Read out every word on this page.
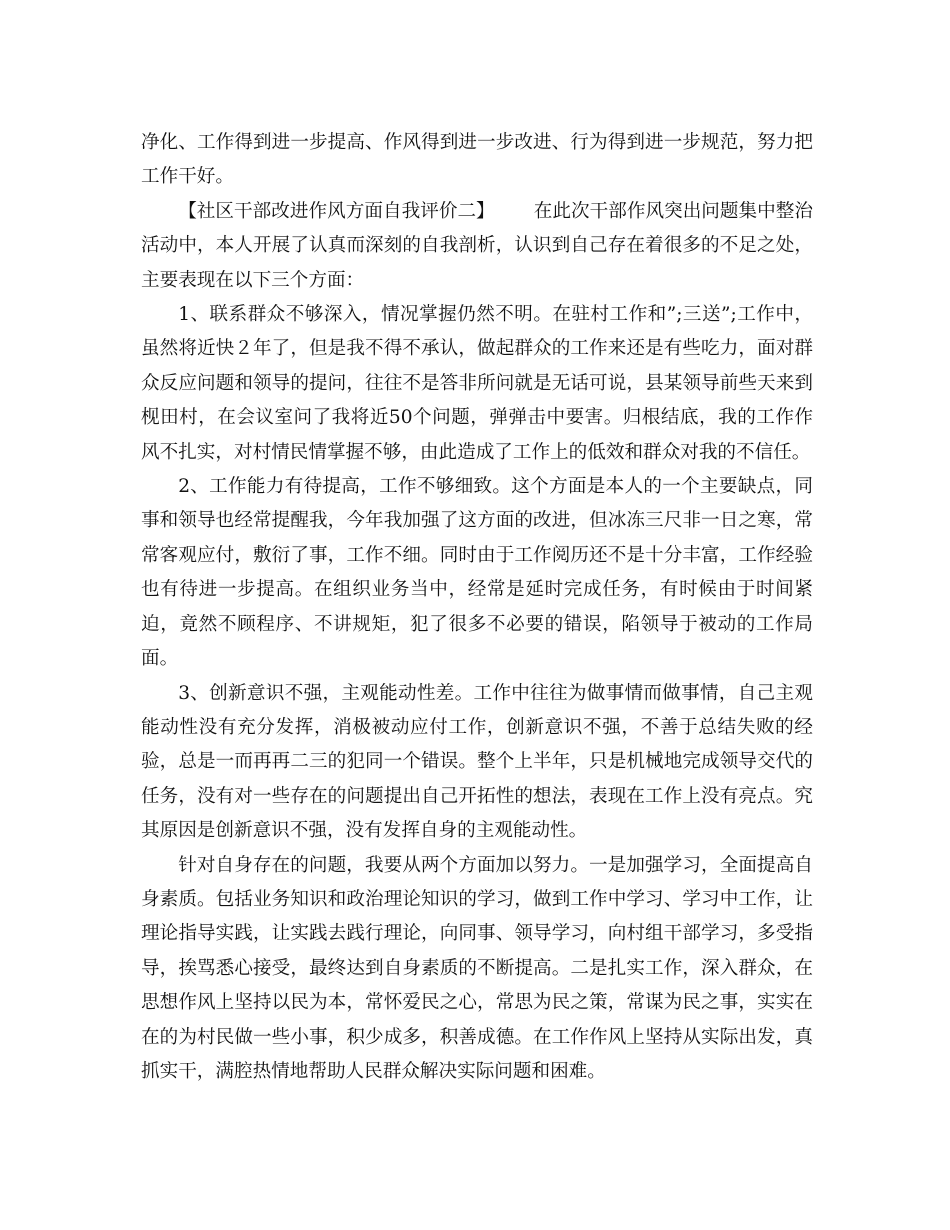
净化、工作得到进一步提高、作风得到进一步改进、行为得到进一步规范，努力把工作干好。

【社区干部改进作风方面自我评价二】 在此次干部作风突出问题集中整治活动中，本人开展了认真而深刻的自我剖析，认识到自己存在着很多的不足之处，主要表现在以下三个方面：

1、联系群众不够深入，情况掌握仍然不明。在驻村工作和”;三送”;工作中，虽然将近快２年了，但是我不得不承认，做起群众的工作来还是有些吃力，面对群众反应问题和领导的提问，往往不是答非所问就是无话可说，县某领导前些天来到枧田村，在会议室问了我将近50个问题，弹弹击中要害。归根结底，我的工作作风不扎实，对村情民情掌握不够，由此造成了工作上的低效和群众对我的不信任。

2、工作能力有待提高，工作不够细致。这个方面是本人的一个主要缺点，同事和领导也经常提醒我，今年我加强了这方面的改进，但冰冻三尺非一日之寒，常常客观应付，敷衍了事，工作不细。同时由于工作阅历还不是十分丰富，工作经验也有待进一步提高。在组织业务当中，经常是延时完成任务，有时候由于时间紧迫，竟然不顾程序、不讲规矩，犯了很多不必要的错误，陷领导于被动的工作局面。

3、创新意识不强，主观能动性差。工作中往往为做事情而做事情，自己主观能动性没有充分发挥，消极被动应付工作，创新意识不强，不善于总结失败的经验，总是一而再再二三的犯同一个错误。整个上半年，只是机械地完成领导交代的任务，没有对一些存在的问题提出自己开拓性的想法，表现在工作上没有亮点。究其原因是创新意识不强，没有发挥自身的主观能动性。

针对自身存在的问题，我要从两个方面加以努力。一是加强学习，全面提高自身素质。包括业务知识和政治理论知识的学习，做到工作中学习、学习中工作，让理论指导实践，让实践去践行理论，向同事、领导学习，向村组干部学习，多受指导，挨骂悉心接受，最终达到自身素质的不断提高。二是扎实工作，深入群众，在思想作风上坚持以民为本，常怀爱民之心，常思为民之策，常谋为民之事，实实在在的为村民做一些小事，积少成多，积善成德。在工作作风上坚持从实际出发，真抓实干，满腔热情地帮助人民群众解决实际问题和困难。
